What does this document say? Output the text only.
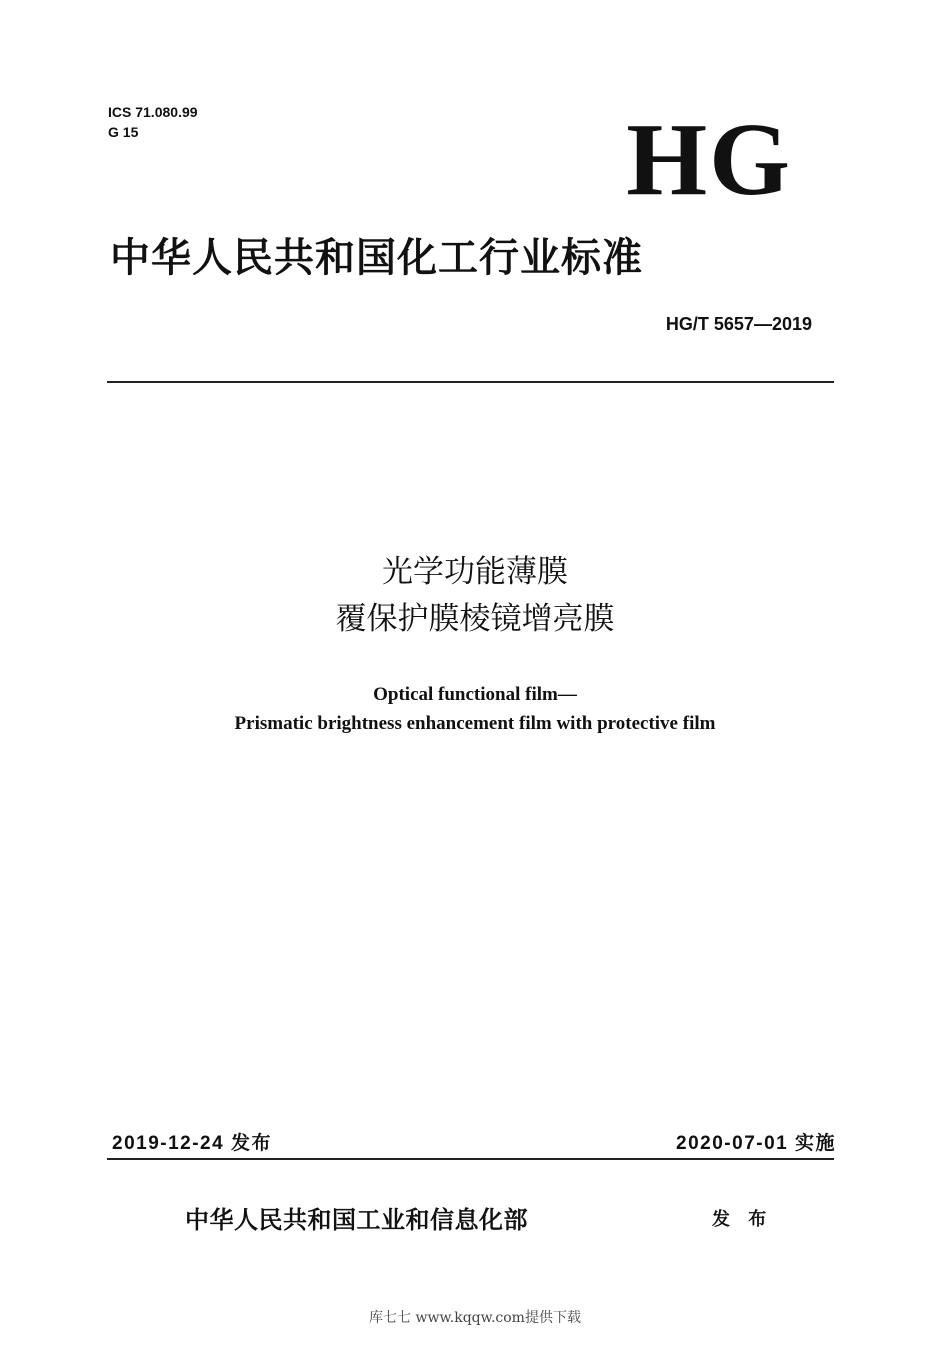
ICS 71.080.99
G 15	HG
中华人民共和国化工行业标准
HG/T 5657—2019
光学功能薄膜
覆保护膜棱镜增亮膜
Optical functional film—
Prismatic brightness enhancement film with protective film
2019-12-24 发布	2020-07-01 实施
中华人民共和国工业和信息化部	发 布
库七七 www.kqqw.com提供下载
